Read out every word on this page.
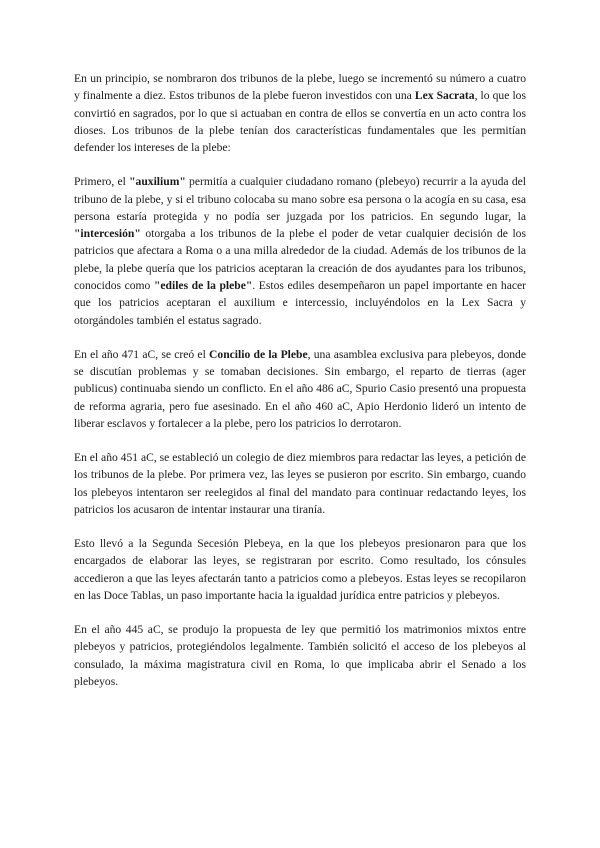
En un principio, se nombraron dos tribunos de la plebe, luego se incrementó su número a cuatro y finalmente a diez. Estos tribunos de la plebe fueron investidos con una Lex Sacrata, lo que los convirtió en sagrados, por lo que si actuaban en contra de ellos se convertía en un acto contra los dioses. Los tribunos de la plebe tenían dos características fundamentales que les permitían defender los intereses de la plebe:

Primero, el "auxilium" permitía a cualquier ciudadano romano (plebeyo) recurrir a la ayuda del tribuno de la plebe, y si el tribuno colocaba su mano sobre esa persona o la acogía en su casa, esa persona estaría protegida y no podía ser juzgada por los patricios. En segundo lugar, la "intercesión" otorgaba a los tribunos de la plebe el poder de vetar cualquier decisión de los patricios que afectara a Roma o a una milla alrededor de la ciudad. Además de los tribunos de la plebe, la plebe quería que los patricios aceptaran la creación de dos ayudantes para los tribunos, conocidos como "ediles de la plebe". Estos ediles desempeñaron un papel importante en hacer que los patricios aceptaran el auxilium e intercessio, incluyéndolos en la Lex Sacra y otorgándoles también el estatus sagrado.

En el año 471 aC, se creó el Concilio de la Plebe, una asamblea exclusiva para plebeyos, donde se discutían problemas y se tomaban decisiones. Sin embargo, el reparto de tierras (ager publicus) continuaba siendo un conflicto. En el año 486 aC, Spurio Casio presentó una propuesta de reforma agraria, pero fue asesinado. En el año 460 aC, Apio Herdonio lideró un intento de liberar esclavos y fortalecer a la plebe, pero los patricios lo derrotaron.

En el año 451 aC, se estableció un colegio de diez miembros para redactar las leyes, a petición de los tribunos de la plebe. Por primera vez, las leyes se pusieron por escrito. Sin embargo, cuando los plebeyos intentaron ser reelegidos al final del mandato para continuar redactando leyes, los patricios los acusaron de intentar instaurar una tiranía.

Esto llevó a la Segunda Secesión Plebeya, en la que los plebeyos presionaron para que los encargados de elaborar las leyes, se registraran por escrito. Como resultado, los cónsules accedieron a que las leyes afectarán tanto a patricios como a plebeyos. Estas leyes se recopilaron en las Doce Tablas, un paso importante hacia la igualdad jurídica entre patricios y plebeyos.

En el año 445 aC, se produjo la propuesta de ley que permitió los matrimonios mixtos entre plebeyos y patricios, protegiéndolos legalmente. También solicitó el acceso de los plebeyos al consulado, la máxima magistratura civil en Roma, lo que implicaba abrir el Senado a los plebeyos.
